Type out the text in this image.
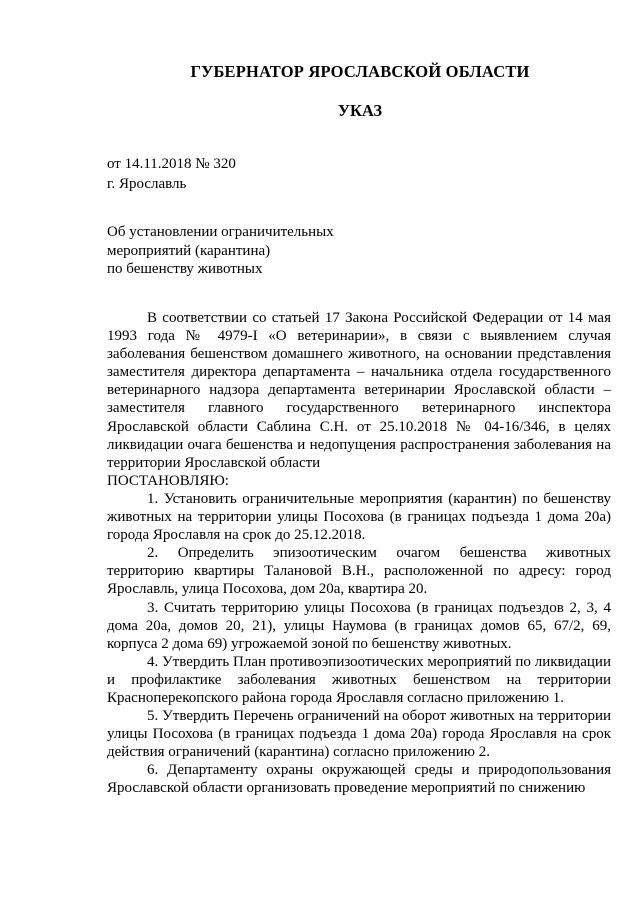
ГУБЕРНАТОР ЯРОСЛАВСКОЙ ОБЛАСТИ
УКАЗ
от 14.11.2018 № 320
г. Ярославль
Об установлении ограничительных
мероприятий (карантина)
по бешенству животных

В соответствии со статьей 17 Закона Российской Федерации от 14 мая 1993 года № 4979-I «О ветеринарии», в связи с выявлением случая заболевания бешенством домашнего животного, на основании представления заместителя директора департамента – начальника отдела государственного ветеринарного надзора департамента ветеринарии Ярославской области – заместителя главного государственного ветеринарного инспектора Ярославской области Саблина С.Н. от 25.10.2018 № 04-16/346, в целях ликвидации очага бешенства и недопущения распространения заболевания на территории Ярославской области

ПОСТАНОВЛЯЮ:

1. Установить ограничительные мероприятия (карантин) по бешенству животных на территории улицы Посохова (в границах подъезда 1 дома 20а) города Ярославля на срок до 25.12.2018.

2. Определить эпизоотическим очагом бешенства животных территорию квартиры Талановой В.Н., расположенной по адресу: город Ярославль, улица Посохова, дом 20а, квартира 20.

3. Считать территорию улицы Посохова (в границах подъездов 2, 3, 4 дома 20а, домов 20, 21), улицы Наумова (в границах домов 65, 67/2, 69, корпуса 2 дома 69) угрожаемой зоной по бешенству животных.

4. Утвердить План противоэпизоотических мероприятий по ликвидации и профилактике заболевания животных бешенством на территории Красноперекопского района города Ярославля согласно приложению 1.

5. Утвердить Перечень ограничений на оборот животных на территории улицы Посохова (в границах подъезда 1 дома 20а) города Ярославля на срок действия ограничений (карантина) согласно приложению 2.

6. Департаменту охраны окружающей среды и природопользования Ярославской области организовать проведение мероприятий по снижению
